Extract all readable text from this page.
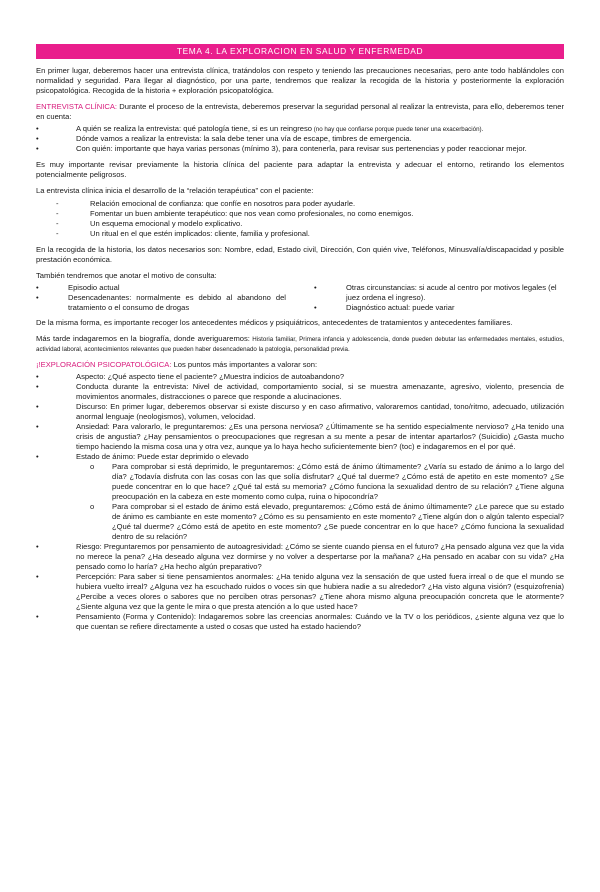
TEMA 4. LA EXPLORACION EN SALUD Y ENFERMEDAD

En primer lugar, deberemos hacer una entrevista clínica, tratándolos con respeto y teniendo las precauciones necesarias, pero ante todo hablándoles con normalidad y seguridad. Para llegar al diagnóstico, por una parte, tendremos que realizar la recogida de la historia y posteriormente la exploración psicopatológica. Recogida de la historia + exploración psicopatológica.

ENTREVISTA CLÍNICA: Durante el proceso de la entrevista, deberemos preservar la seguridad personal al realizar la entrevista, para ello, deberemos tener en cuenta:

• A quién se realiza la entrevista: qué patología tiene, si es un reingreso (no hay que confiarse porque puede tener una exacerbación).
• Dónde vamos a realizar la entrevista: la sala debe tener una vía de escape, timbres de emergencia.
• Con quién: importante que haya varias personas (mínimo 3), para contenerla, para revisar sus pertenencias y poder reaccionar mejor.

Es muy importante revisar previamente la historia clínica del paciente para adaptar la entrevista y adecuar el entorno, retirando los elementos potencialmente peligrosos.

La entrevista clínica inicia el desarrollo de la “relación terapéutica” con el paciente:

- Relación emocional de confianza: que confíe en nosotros para poder ayudarle.
- Fomentar un buen ambiente terapéutico: que nos vean como profesionales, no como enemigos.
- Un esquema emocional y modelo explicativo.
- Un ritual en el que estén implicados: cliente, familia y profesional.

En la recogida de la historia, los datos necesarios son: Nombre, edad, Estado civil, Dirección, Con quién vive, Teléfonos, Minusvalía/discapacidad y posible prestación económica.

También tendremos que anotar el motivo de consulta:

• Episodio actual
• Desencadenantes: normalmente es debido al abandono del tratamiento o el consumo de drogas
• Otras circunstancias: si acude al centro por motivos legales (el juez ordena el ingreso).
• Diagnóstico actual: puede variar

De la misma forma, es importante recoger los antecedentes médicos y psiquiátricos, antecedentes de tratamientos y antecedentes familiares.

Más tarde indagaremos en la biografía, donde averiguaremos: Historia familiar, Primera infancia y adolescencia, donde pueden debutar las enfermedades mentales, estudios, actividad laboral, acontecimientos relevantes que pueden haber desencadenado la patología, personalidad previa.

¡!EXPLORACIÓN PSICOPATOLÓGICA: Los puntos más importantes a valorar son:

• Aspecto: ¿Qué aspecto tiene el paciente? ¿Muestra indicios de autoabandono?
• Conducta durante la entrevista: Nivel de actividad, comportamiento social, si se muestra amenazante, agresivo, violento, presencia de movimientos anormales, distracciones o parece que responde a alucinaciones.
• Discurso: En primer lugar, deberemos observar si existe discurso y en caso afirmativo, valoraremos cantidad, tono/ritmo, adecuado, utilización anormal lenguaje (neologismos), volumen, velocidad.
• Ansiedad: Para valorarlo, le preguntaremos: ¿Es una persona nerviosa? ¿Últimamente se ha sentido especialmente nervioso? ¿Ha tenido una crisis de angustia? ¿Hay pensamientos o preocupaciones que regresan a su mente a pesar de intentar apartarlos? (Suicidio) ¿Gasta mucho tiempo haciendo la misma cosa una y otra vez, aunque ya lo haya hecho suficientemente bien? (toc) e indagaremos en el por qué.
• Estado de ánimo: Puede estar deprimido o elevado
o Para comprobar si está deprimido, le preguntaremos: ¿Cómo está de ánimo últimamente? ¿Varía su estado de ánimo a lo largo del día? ¿Todavía disfruta con las cosas con las que solía disfrutar? ¿Qué tal duerme? ¿Cómo está de apetito en este momento? ¿Se puede concentrar en lo que hace? ¿Qué tal está su memoria? ¿Cómo funciona la sexualidad dentro de su relación? ¿Tiene alguna preocupación en la cabeza en este momento como culpa, ruina o hipocondría?
o Para comprobar si el estado de ánimo está elevado, preguntaremos: ¿Cómo está de ánimo últimamente? ¿Le parece que su estado de ánimo es cambiante en este momento? ¿Cómo es su pensamiento en este momento? ¿Tiene algún don o algún talento especial? ¿Qué tal duerme? ¿Cómo está de apetito en este momento? ¿Se puede concentrar en lo que hace? ¿Cómo funciona la sexualidad dentro de su relación?
• Riesgo: Preguntaremos por pensamiento de autoagresividad: ¿Cómo se siente cuando piensa en el futuro? ¿Ha pensado alguna vez que la vida no merece la pena? ¿Ha deseado alguna vez dormirse y no volver a despertarse por la mañana? ¿Ha pensado en acabar con su vida? ¿Ha pensado como lo haría? ¿Ha hecho algún preparativo?
• Percepción: Para saber si tiene pensamientos anormales: ¿Ha tenido alguna vez la sensación de que usted fuera irreal o de que el mundo se hubiera vuelto irreal? ¿Alguna vez ha escuchado ruidos o voces sin que hubiera nadie a su alrededor? ¿Ha visto alguna visión? (esquizofrenia) ¿Percibe a veces olores o sabores que no perciben otras personas? ¿Tiene ahora mismo alguna preocupación concreta que le atormente? ¿Siente alguna vez que la gente le mira o que presta atención a lo que usted hace?
• Pensamiento (Forma y Contenido): Indagaremos sobre las creencias anormales: Cuándo ve la TV o los periódicos, ¿siente alguna vez que lo que cuentan se refiere directamente a usted o cosas que usted ha estado haciendo?
